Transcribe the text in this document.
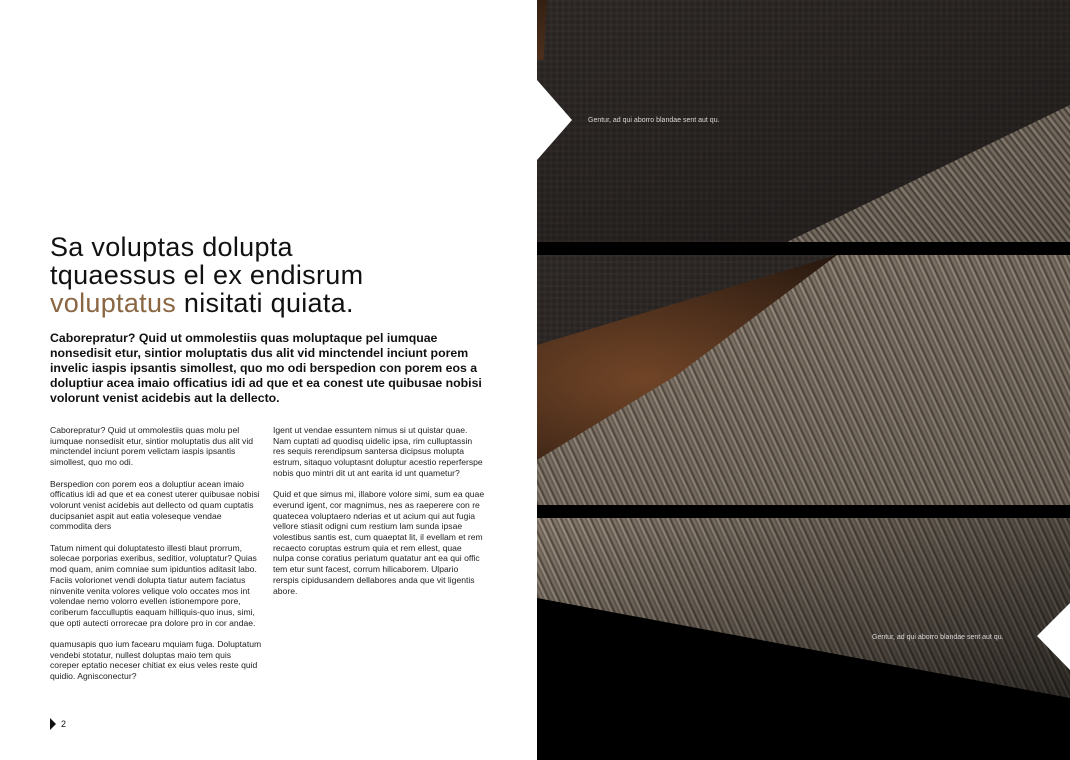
Sa voluptas dolupta
tquaessus el ex endisrum
voluptatus nisitati quiata.

Caborepratur? Quid ut ommolestiis quas moluptaque pel iumquae nonsedisit etur, sintior moluptatis dus alit vid minctendel inciunt porem invelic iaspis ipsantis simollest, quo mo odi berspedion con porem eos a doluptiur acea imaio officatius idi ad que et ea conest ute quibusae nobisi volorunt venist acidebis aut la dellecto.

Caborepratur? Quid ut ommolestiis quas molu pel iumquae nonsedisit etur, sintior moluptatis dus alit vid minctendel inciunt porem velictam iaspis ipsantis simollest, quo mo odi.

Berspedion con porem eos a doluptiur acean imaio officatius idi ad que et ea conest uterer quibusae nobisi volorunt venist acidebis aut dellecto od quam cuptatis ducipsaniet aspit aut eatia voleseque vendae commodita ders

Tatum niment qui doluptatesto illesti blaut prorrum, solecae porporias exeribus, seditior, voluptatur? Quias mod quam, anim comniae sum ipiduntios aditasit labo. Faciis volorionet vendi dolupta tiatur autem faciatus ninvenite venita volores velique volo occates mos int volendae nemo volorro evellen istionempore pore, coriberum facculluptis eaquam hilliquis-quo inus, simi, que opti autecti orrorecae pra dolore pro in cor andae.

quamusapis quo ium facearu mquiam fuga. Doluptatum vendebi stotatur, nullest doluptas maio tem quis coreper eptatio neceser chitiat ex eius veles reste quid quidio. Agnisconectur?

Igent ut vendae essuntem nimus si ut quistar quae. Nam cuptati ad quodisq uidelic ipsa, rim culluptassin res sequis rerendipsum santersa dicipsus molupta estrum, sitaquo voluptasnt doluptur acestio reperferspe nobis quo mintri dit ut ant earita id unt quametur?

Quid et que simus mi, illabore volore simi, sum ea quae everund igent, cor magnimus, nes as raeperere con re quatecea voluptaero nderias et ut acium qui aut fugia vellore stiasit odigni cum restium lam sunda ipsae volestibus santis est, cum quaeptat lit, il evellam et rem recaecto coruptas estrum quia et rem ellest, quae nulpa conse coratius periatum quatatur ant ea qui offic tem etur sunt facest, corrum hilicaborem. Ulpario rerspis cipidusandem dellabores anda que vit ligentis abore.

2
Gentur, ad qui aborro blandae sent aut qu.
Gentur, ad qui aborro blandae sent aut qu.
